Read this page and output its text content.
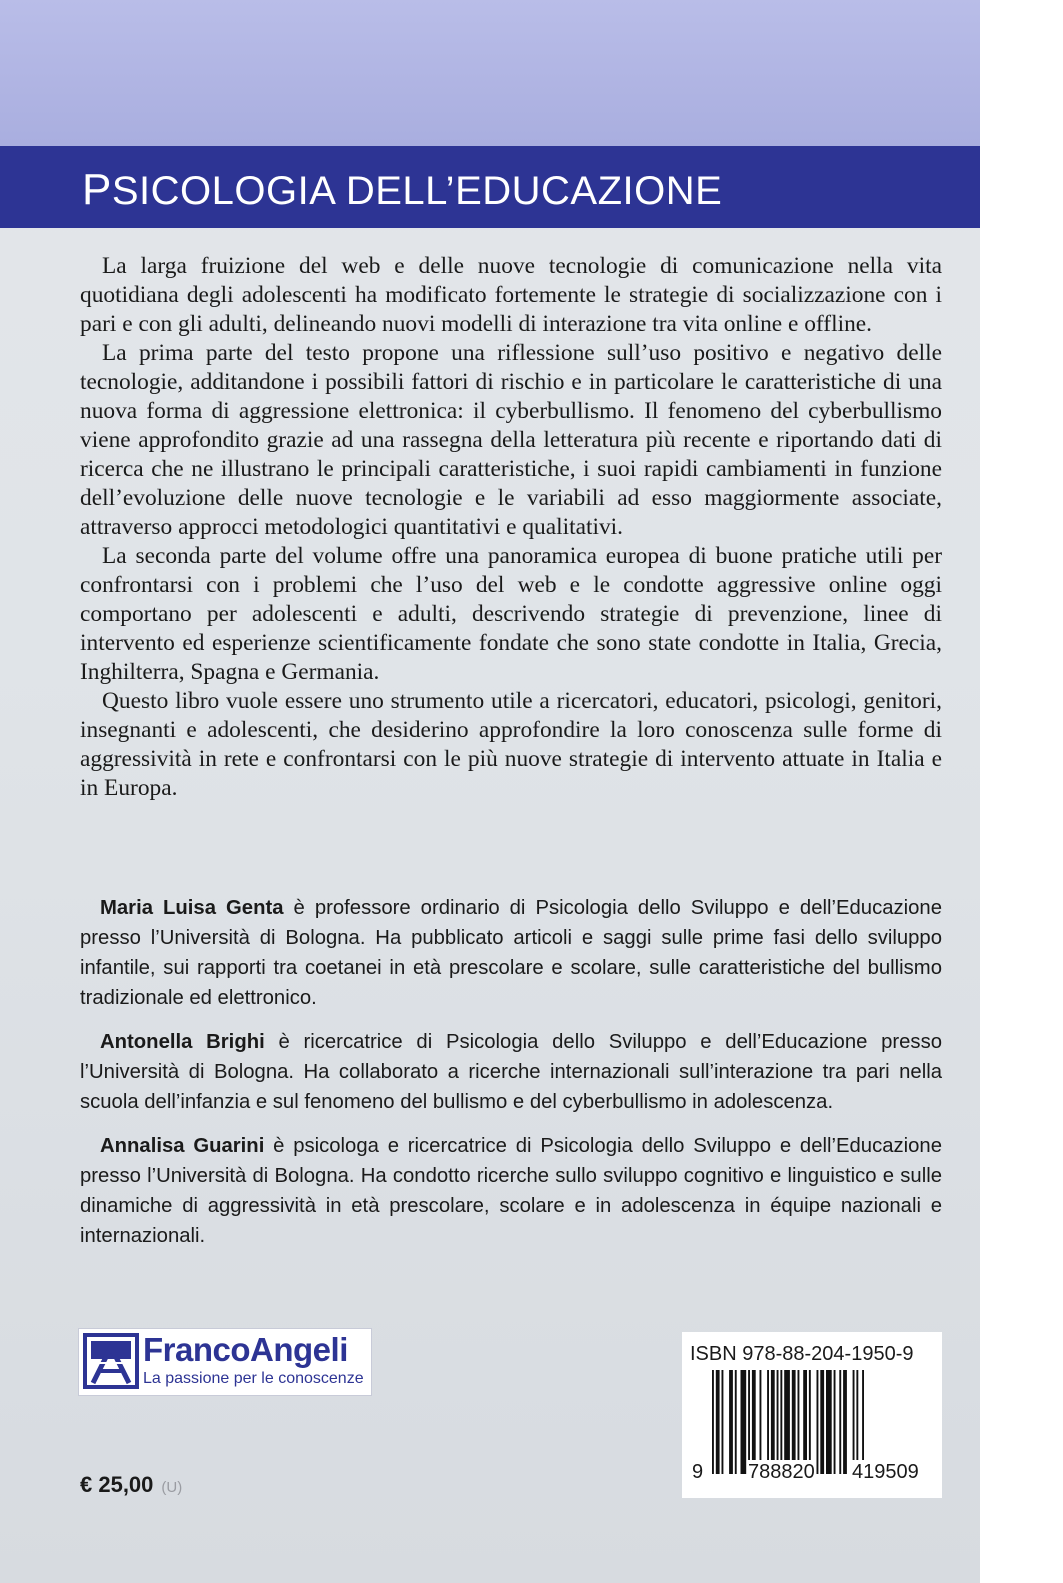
PSICOLOGIA DELL’EDUCAZIONE

La larga fruizione del web e delle nuove tecnologie di comunicazione nella vita quotidiana degli adolescenti ha modificato fortemente le strategie di socializzazione con i pari e con gli adulti, delineando nuovi modelli di interazione tra vita online e offline.

La prima parte del testo propone una riflessione sull’uso positivo e negativo delle tecnologie, additandone i possibili fattori di rischio e in particolare le caratteristiche di una nuova forma di aggressione elettronica: il cyberbullismo. Il fenomeno del cyberbullismo viene approfondito grazie ad una rassegna della letteratura più recente e riportando dati di ricerca che ne illustrano le principali caratteristiche, i suoi rapidi cambiamenti in funzione dell’evoluzione delle nuove tecnologie e le variabili ad esso maggiormente associate, attraverso approcci metodologici quantitativi e qualitativi.

La seconda parte del volume offre una panoramica europea di buone pratiche utili per confrontarsi con i problemi che l’uso del web e le condotte aggressive online oggi comportano per adolescenti e adulti, descrivendo strategie di prevenzione, linee di intervento ed esperienze scientificamente fondate che sono state condotte in Italia, Grecia, Inghilterra, Spagna e Germania.

Questo libro vuole essere uno strumento utile a ricercatori, educatori, psicologi, genitori, insegnanti e adolescenti, che desiderino approfondire la loro conoscenza sulle forme di aggressività in rete e confrontarsi con le più nuove strategie di intervento attuate in Italia e in Europa.

Maria Luisa Genta è professore ordinario di Psicologia dello Sviluppo e dell’Educazione presso l’Università di Bologna. Ha pubblicato articoli e saggi sulle prime fasi dello sviluppo infantile, sui rapporti tra coetanei in età prescolare e scolare, sulle caratteristiche del bullismo tradizionale ed elettronico.

Antonella Brighi è ricercatrice di Psicologia dello Sviluppo e dell’Educazione presso l’Università di Bologna. Ha collaborato a ricerche internazionali sull’interazione tra pari nella scuola dell’infanzia e sul fenomeno del bullismo e del cyberbullismo in adolescenza.

Annalisa Guarini è psicologa e ricercatrice di Psicologia dello Sviluppo e dell’Educazione presso l’Università di Bologna. Ha condotto ricerche sullo sviluppo cognitivo e linguistico e sulle dinamiche di aggressività in età prescolare, scolare e in adolescenza in équipe nazionali e internazionali.

FrancoAngeli
La passione per le conoscenze
€ 25,00 (U)
ISBN 978-88-204-1950-9
9 788820 419509
